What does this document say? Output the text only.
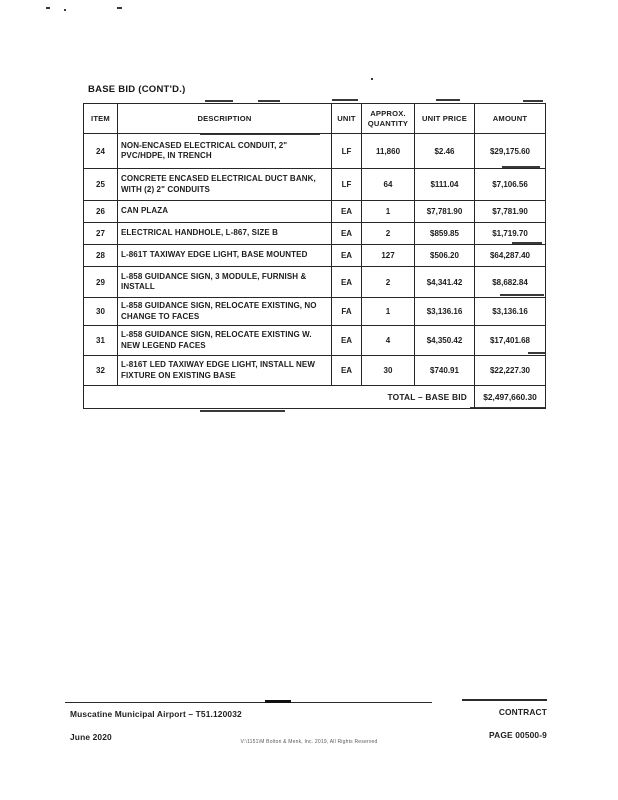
BASE BID (CONT'D.)
ITEM	DESCRIPTION	UNIT	APPROX. QUANTITY	UNIT PRICE	AMOUNT
24	NON-ENCASED ELECTRICAL CONDUIT, 2" PVC/HDPE, IN TRENCH	LF	11,860	$2.46	$29,175.60
25	CONCRETE ENCASED ELECTRICAL DUCT BANK, WITH (2) 2" CONDUITS	LF	64	$111.04	$7,106.56
26	CAN PLAZA	EA	1	$7,781.90	$7,781.90
27	ELECTRICAL HANDHOLE, L-867, SIZE B	EA	2	$859.85	$1,719.70
28	L-861T TAXIWAY EDGE LIGHT, BASE MOUNTED	EA	127	$506.20	$64,287.40
29	L-858 GUIDANCE SIGN, 3 MODULE, FURNISH & INSTALL	EA	2	$4,341.42	$8,682.84
30	L-858 GUIDANCE SIGN, RELOCATE EXISTING, NO CHANGE TO FACES	FA	1	$3,136.16	$3,136.16
31	L-858 GUIDANCE SIGN, RELOCATE EXISTING W. NEW LEGEND FACES	EA	4	$4,350.42	$17,401.68
32	L-816T LED TAXIWAY EDGE LIGHT, INSTALL NEW FIXTURE ON EXISTING BASE	EA	30	$740.91	$22,227.30
TOTAL – BASE BID					$2,497,660.30
Muscatine Municipal Airport – T51.120032
June 2020
CONTRACT
PAGE 00500-9
V:\1151\M Bolton & Menk, Inc. 2019, All Rights Reserved
